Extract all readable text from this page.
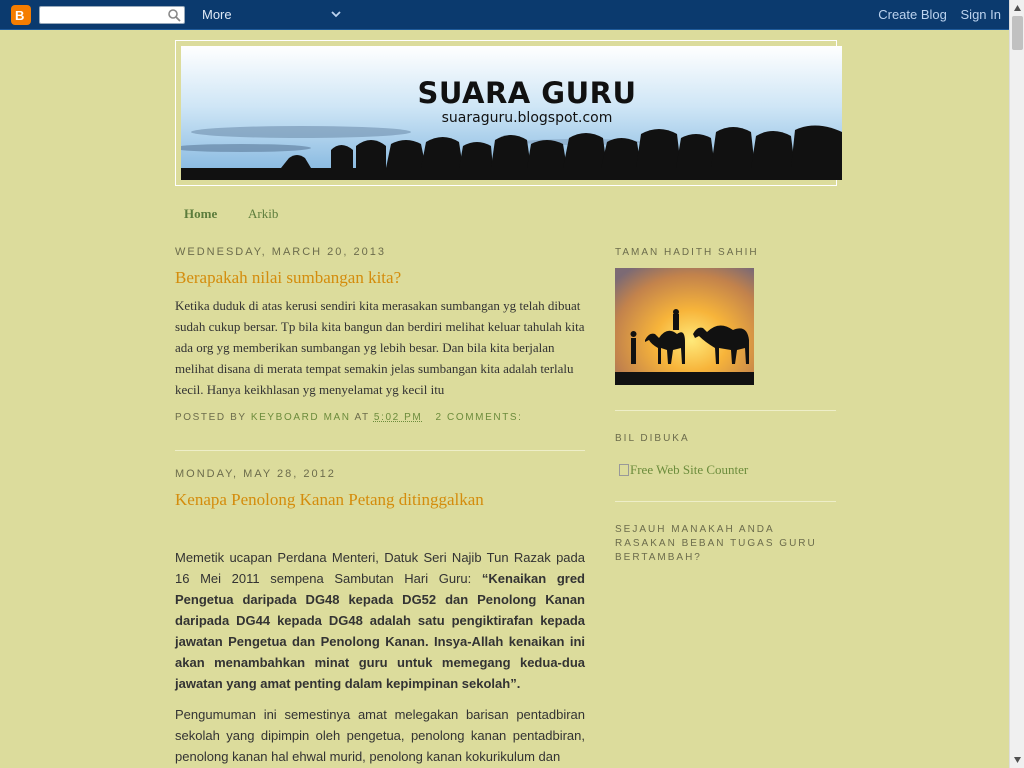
B	More	Create Blog Sign In
SUARA GURU
suaraguru.blogspot.com
Home Arkib
WEDNESDAY, MARCH 20, 2013
Berapakah nilai sumbangan kita?
Ketika duduk di atas kerusi sendiri kita merasakan sumbangan yg telah dibuat sudah cukup bersar. Tp bila kita bangun dan berdiri melihat keluar tahulah kita ada org yg memberikan sumbangan yg lebih besar. Dan bila kita berjalan melihat disana di merata tempat semakin jelas sumbangan kita adalah terlalu kecil. Hanya keikhlasan yg menyelamat yg kecil itu
POSTED BY KEYBOARD MAN AT 5:02 PM 2 COMMENTS:
MONDAY, MAY 28, 2012
Kenapa Penolong Kanan Petang ditinggalkan
Memetik ucapan Perdana Menteri, Datuk Seri Najib Tun Razak pada 16 Mei 2011 sempena Sambutan Hari Guru: “Kenaikan gred Pengetua daripada DG48 kepada DG52 dan Penolong Kanan daripada DG44 kepada DG48 adalah satu pengiktirafan kepada jawatan Pengetua dan Penolong Kanan. Insya-Allah kenaikan ini akan menambahkan minat guru untuk memegang kedua-dua jawatan yang amat penting dalam kepimpinan sekolah”.
Pengumuman ini semestinya amat melegakan barisan pentadbiran sekolah yang dipimpin oleh pengetua, penolong kanan pentadbiran, penolong kanan hal ehwal murid, penolong kanan kokurikulum dan
TAMAN HADITH SAHIH
BIL DIBUKA
Free Web Site Counter
SEJAUH MANAKAH ANDA RASAKAN BEBAN TUGAS GURU BERTAMBAH?
